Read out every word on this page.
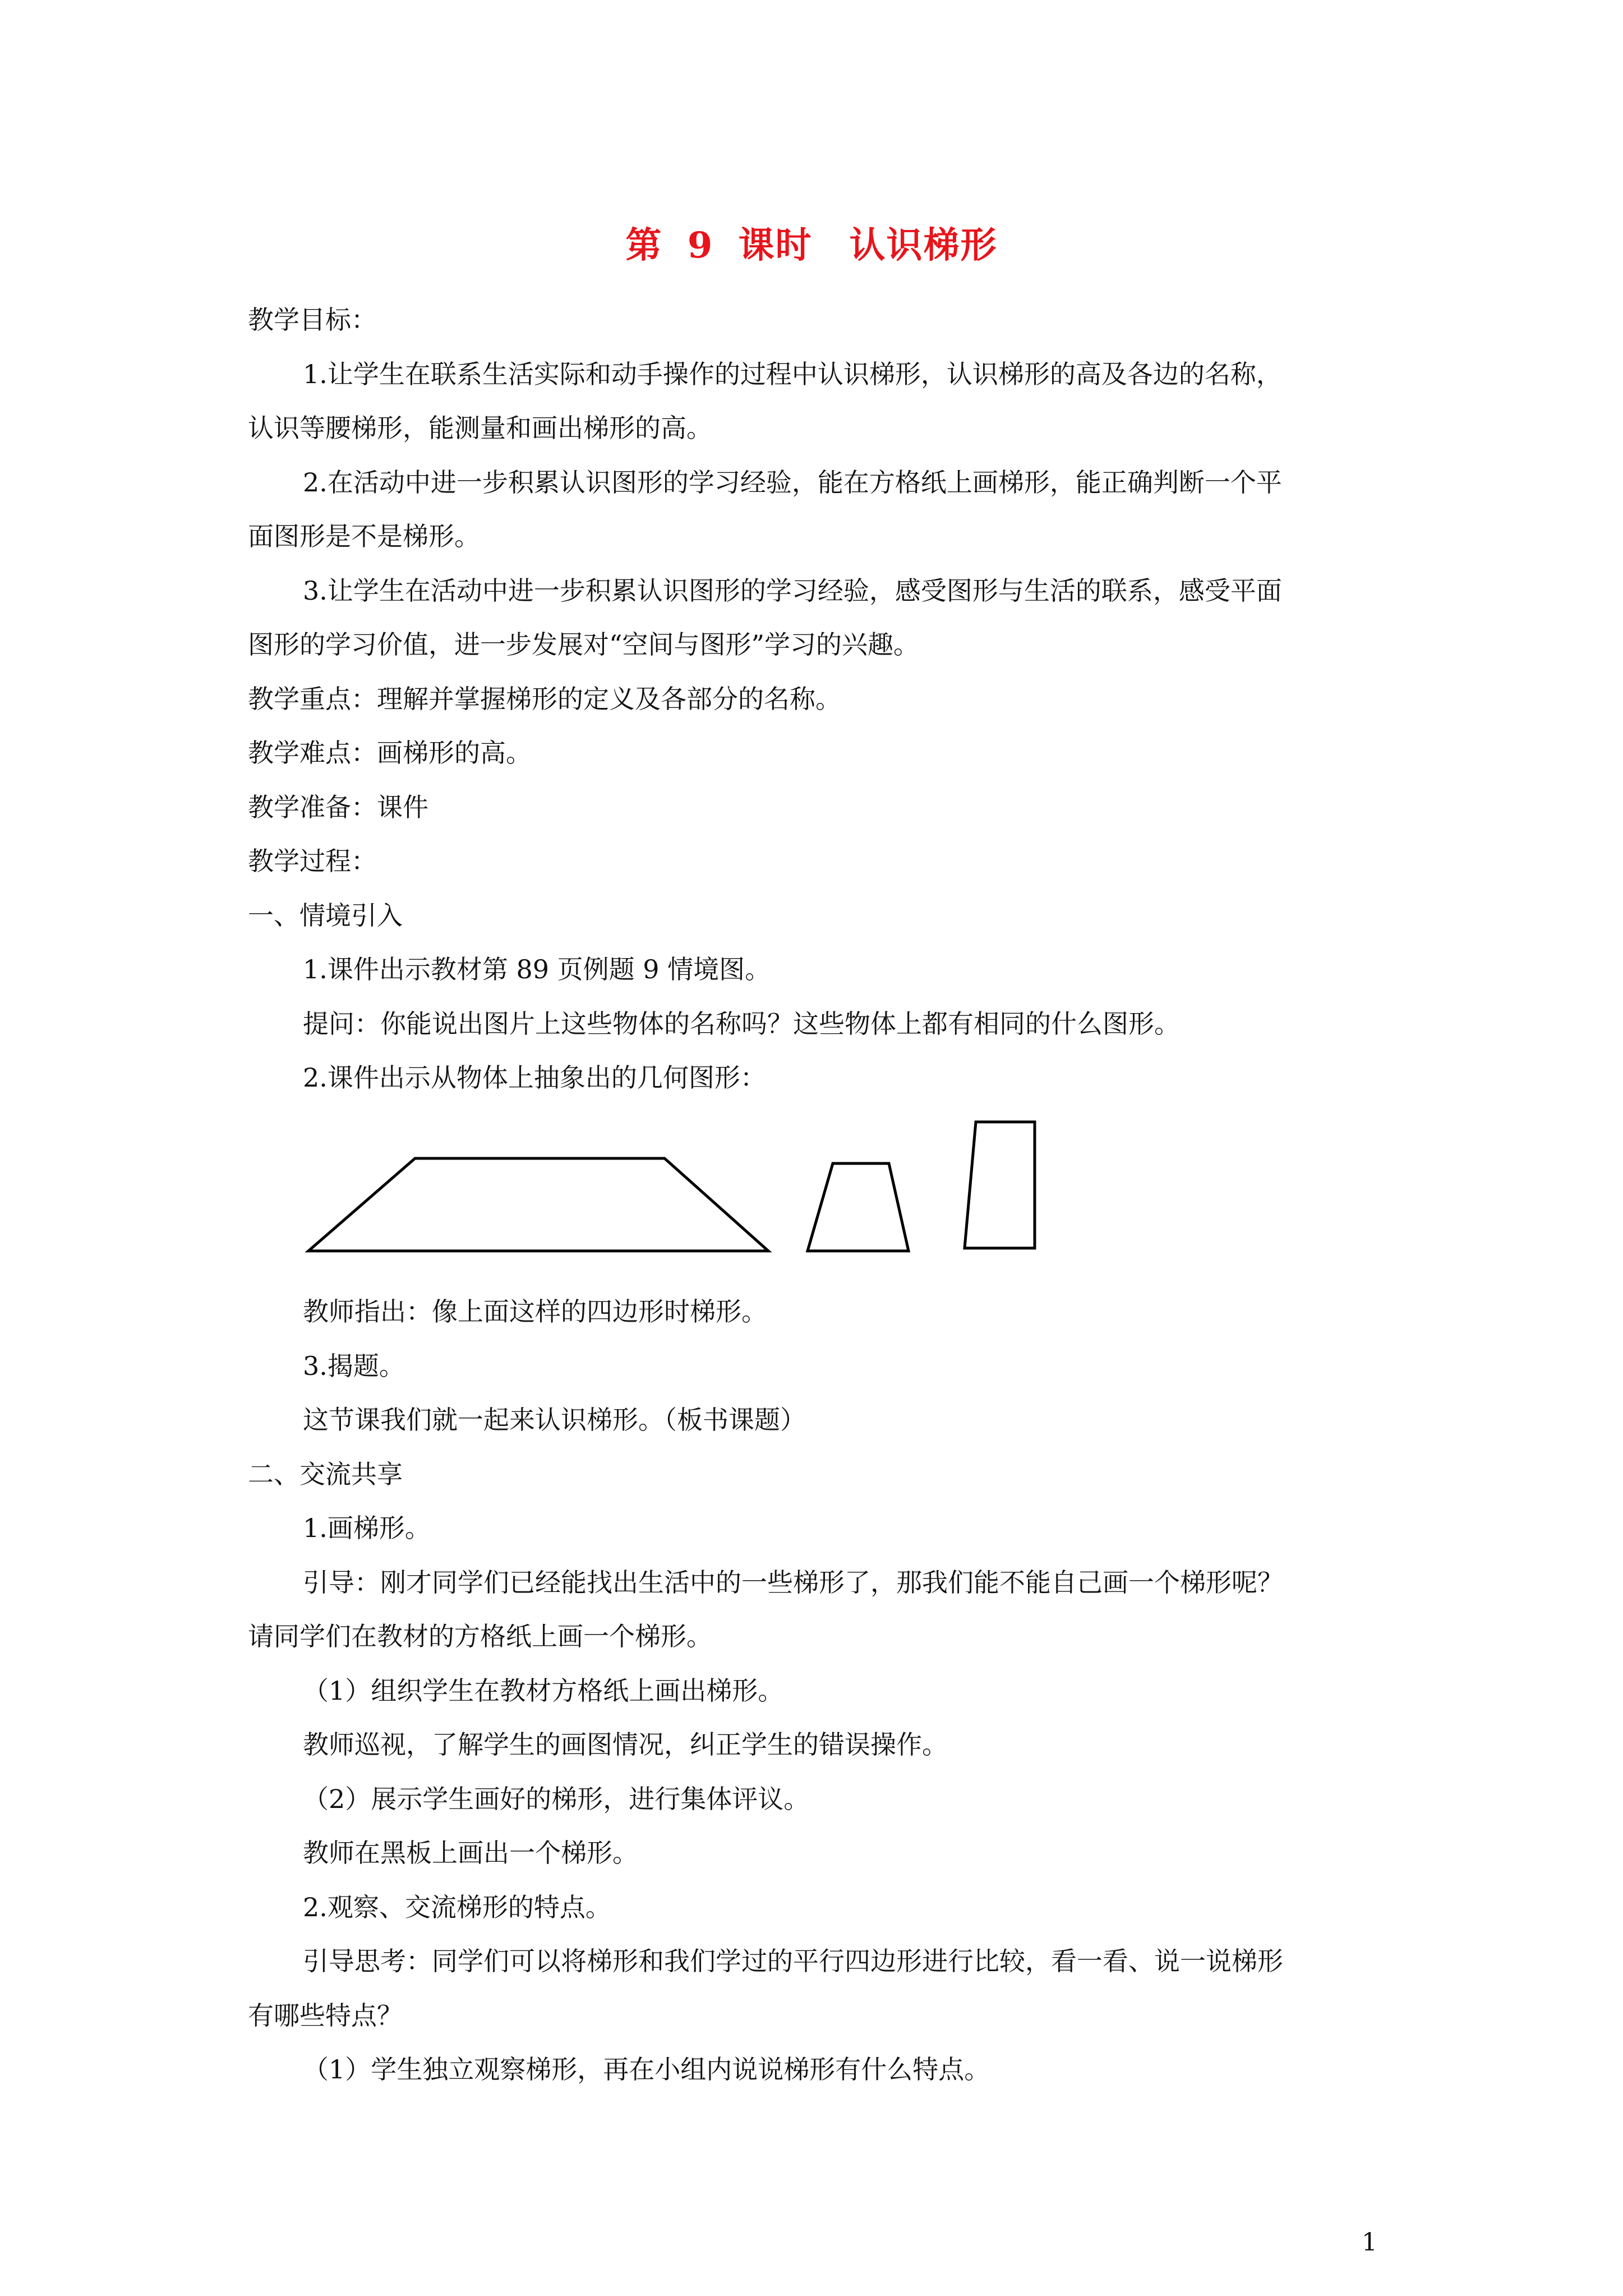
第 9 课时　认识梯形
教学目标：
1.让学生在联系生活实际和动手操作的过程中认识梯形，认识梯形的高及各边的名称，
认识等腰梯形，能测量和画出梯形的高。
2.在活动中进一步积累认识图形的学习经验，能在方格纸上画梯形，能正确判断一个平
面图形是不是梯形。
3.让学生在活动中进一步积累认识图形的学习经验，感受图形与生活的联系，感受平面
图形的学习价值，进一步发展对“空间与图形”学习的兴趣。
教学重点：理解并掌握梯形的定义及各部分的名称。
教学难点：画梯形的高。
教学准备：课件
教学过程：
一、情境引入
1.课件出示教材第 89 页例题 9 情境图。
提问：你能说出图片上这些物体的名称吗？这些物体上都有相同的什么图形。
2.课件出示从物体上抽象出的几何图形：
教师指出：像上面这样的四边形时梯形。
3.揭题。
这节课我们就一起来认识梯形。（板书课题）
二、交流共享
1.画梯形。
引导：刚才同学们已经能找出生活中的一些梯形了，那我们能不能自己画一个梯形呢？
请同学们在教材的方格纸上画一个梯形。
（1）组织学生在教材方格纸上画出梯形。
教师巡视，了解学生的画图情况，纠正学生的错误操作。
（2）展示学生画好的梯形，进行集体评议。
教师在黑板上画出一个梯形。
2.观察、交流梯形的特点。
引导思考：同学们可以将梯形和我们学过的平行四边形进行比较，看一看、说一说梯形
有哪些特点？
（1）学生独立观察梯形，再在小组内说说梯形有什么特点。
1
